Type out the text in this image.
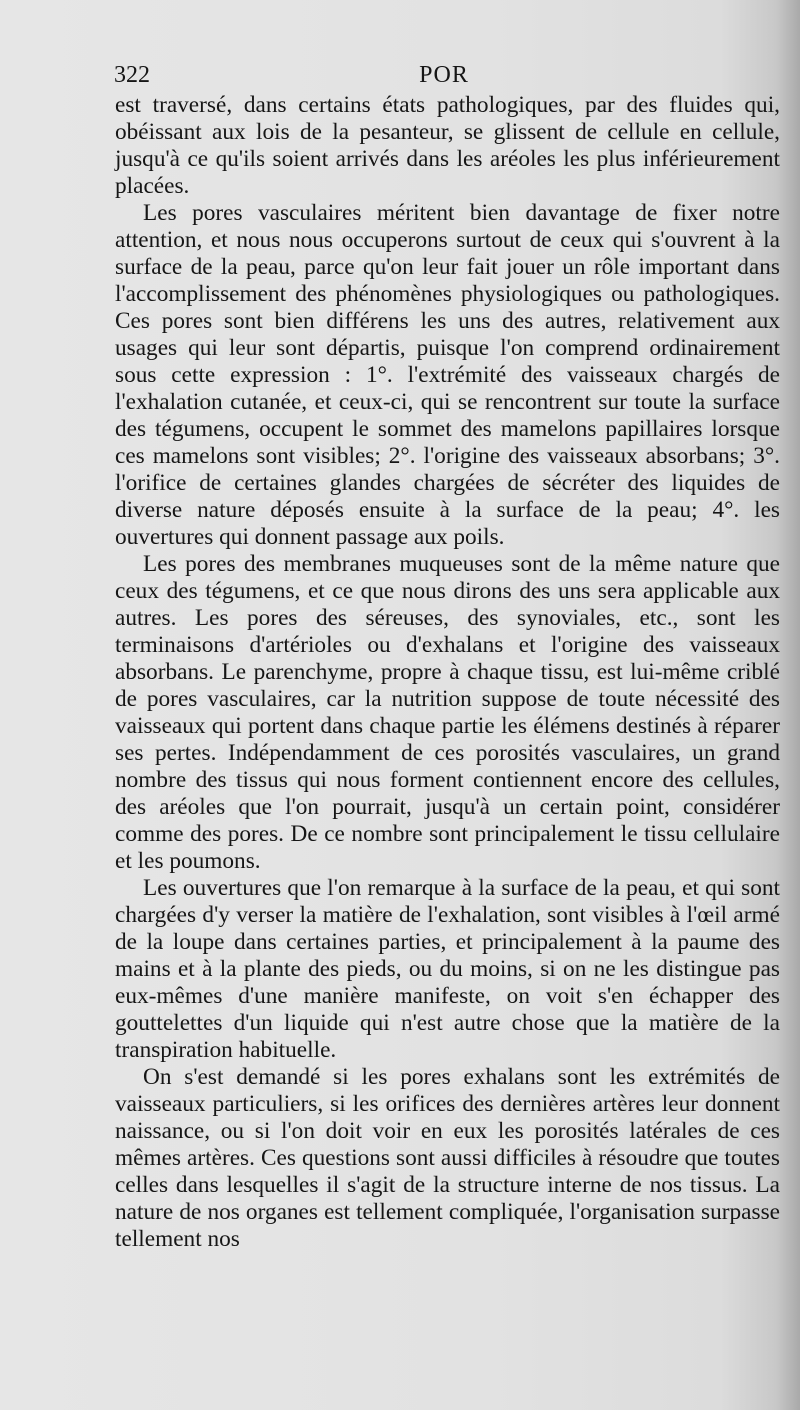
322	POR

est traversé, dans certains états pathologiques, par des fluides qui, obéissant aux lois de la pesanteur, se glissent de cellule en cellule, jusqu'à ce qu'ils soient arrivés dans les aréoles les plus inférieurement placées.

Les pores vasculaires méritent bien davantage de fixer notre attention, et nous nous occuperons surtout de ceux qui s'ouvrent à la surface de la peau, parce qu'on leur fait jouer un rôle important dans l'accomplissement des phénomènes physiologiques ou pathologiques. Ces pores sont bien différens les uns des autres, relativement aux usages qui leur sont départis, puisque l'on comprend ordinairement sous cette expression : 1°. l'extrémité des vaisseaux chargés de l'exhalation cutanée, et ceux-ci, qui se rencontrent sur toute la surface des tégumens, occupent le sommet des mamelons papillaires lorsque ces mamelons sont visibles; 2°. l'origine des vaisseaux absorbans; 3°. l'orifice de certaines glandes chargées de sécréter des liquides de diverse nature déposés ensuite à la surface de la peau; 4°. les ouvertures qui donnent passage aux poils.

Les pores des membranes muqueuses sont de la même nature que ceux des tégumens, et ce que nous dirons des uns sera applicable aux autres. Les pores des séreuses, des synoviales, etc., sont les terminaisons d'artérioles ou d'exhalans et l'origine des vaisseaux absorbans. Le parenchyme, propre à chaque tissu, est lui-même criblé de pores vasculaires, car la nutrition suppose de toute nécessité des vaisseaux qui portent dans chaque partie les élémens destinés à réparer ses pertes. Indépendamment de ces porosités vasculaires, un grand nombre des tissus qui nous forment contiennent encore des cellules, des aréoles que l'on pourrait, jusqu'à un certain point, considérer comme des pores. De ce nombre sont principalement le tissu cellulaire et les poumons.

Les ouvertures que l'on remarque à la surface de la peau, et qui sont chargées d'y verser la matière de l'exhalation, sont visibles à l'œil armé de la loupe dans certaines parties, et principalement à la paume des mains et à la plante des pieds, ou du moins, si on ne les distingue pas eux-mêmes d'une manière manifeste, on voit s'en échapper des gouttelettes d'un liquide qui n'est autre chose que la matière de la transpiration habituelle.

On s'est demandé si les pores exhalans sont les extrémités de vaisseaux particuliers, si les orifices des dernières artères leur donnent naissance, ou si l'on doit voir en eux les porosités latérales de ces mêmes artères. Ces questions sont aussi difficiles à résoudre que toutes celles dans lesquelles il s'agit de la structure interne de nos tissus. La nature de nos organes est tellement compliquée, l'organisation surpasse tellement nos
